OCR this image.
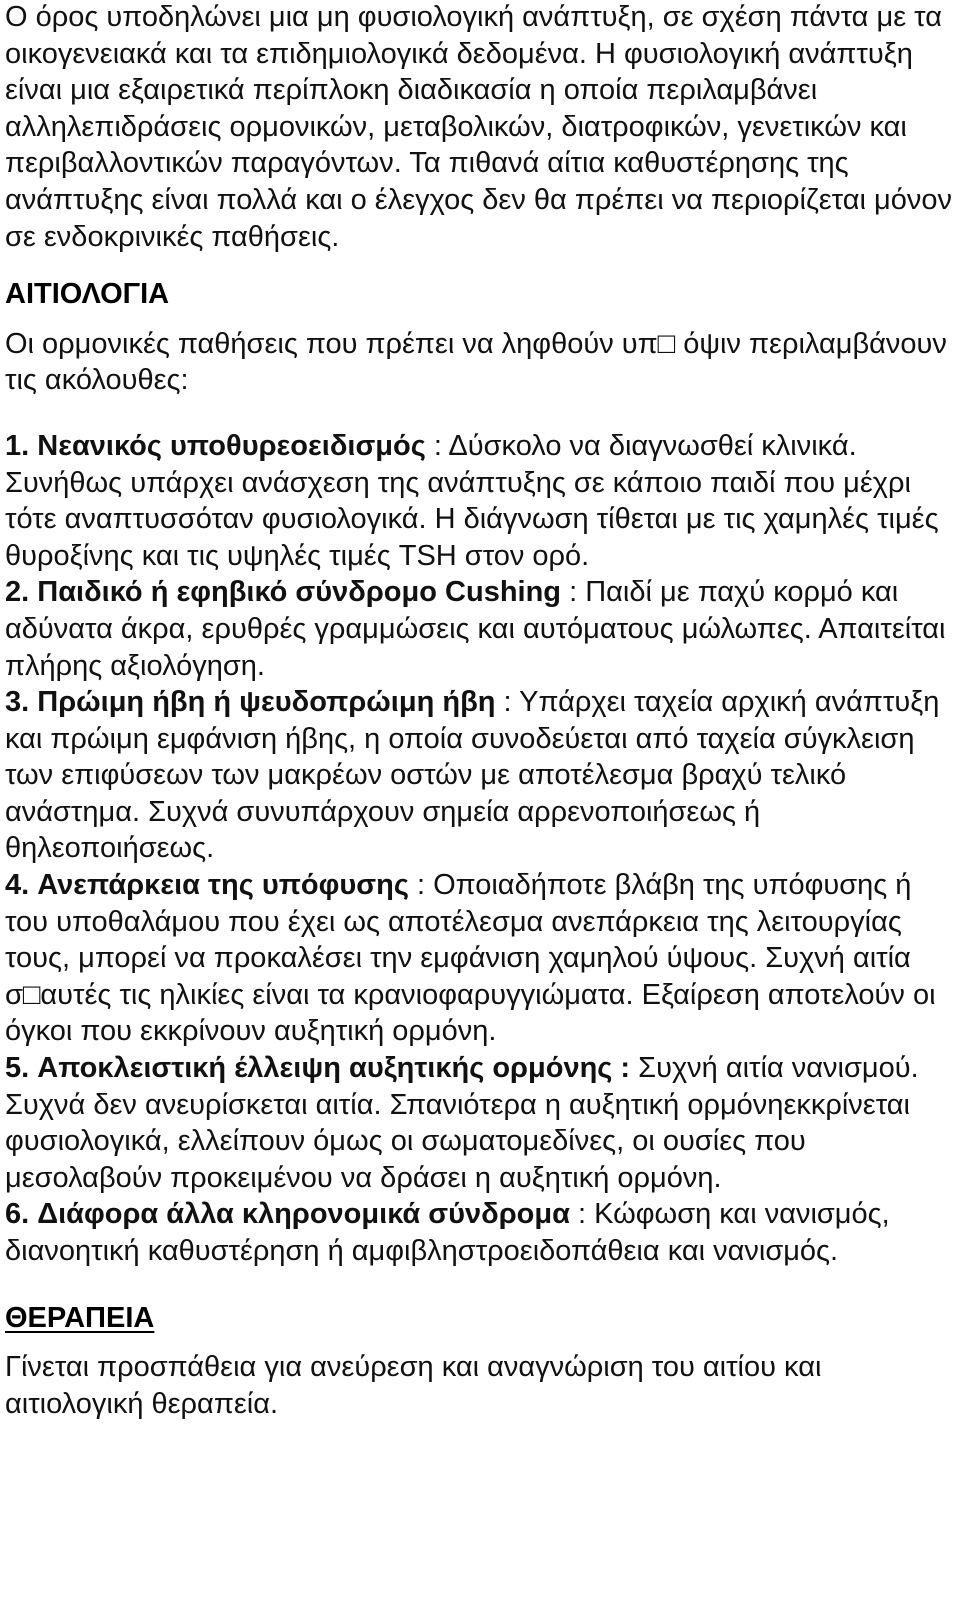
Ο όρος υποδηλώνει μια μη φυσιολογική ανάπτυξη, σε σχέση πάντα με τα οικογενειακά και τα επιδημιολογικά δεδομένα. Η φυσιολογική ανάπτυξη είναι μια εξαιρετικά περίπλοκη διαδικασία η οποία περιλαμβάνει αλληλεπιδράσεις ορμονικών, μεταβολικών, διατροφικών, γενετικών και περιβαλλοντικών παραγόντων. Τα πιθανά αίτια καθυστέρησης της ανάπτυξης είναι πολλά και ο έλεγχος δεν θα πρέπει να περιορίζεται μόνον σε ενδοκρινικές παθήσεις.

ΑΙΤΙΟΛΟΓΙΑ

Οι ορμονικές παθήσεις που πρέπει να ληφθούν υπ□ όψιν περιλαμβάνουν τις ακόλουθες:

1. Νεανικός υποθυρεοειδισμός : Δύσκολο να διαγνωσθεί κλινικά. Συνήθως υπάρχει ανάσχεση της ανάπτυξης σε κάποιο παιδί που μέχρι τότε αναπτυσσόταν φυσιολογικά. Η διάγνωση τίθεται με τις χαμηλές τιμές θυροξίνης και τις υψηλές τιμές TSH στον ορό.
2. Παιδικό ή εφηβικό σύνδρομο Cushing : Παιδί με παχύ κορμό και αδύνατα άκρα, ερυθρές γραμμώσεις και αυτόματους μώλωπες. Απαιτείται πλήρης αξιολόγηση.
3. Πρώιμη ήβη ή ψευδοπρώιμη ήβη : Υπάρχει ταχεία αρχική ανάπτυξη και πρώιμη εμφάνιση ήβης, η οποία συνοδεύεται από ταχεία σύγκλειση των επιφύσεων των μακρέων οστών με αποτέλεσμα βραχύ τελικό ανάστημα. Συχνά συνυπάρχουν σημεία αρρενοποιήσεως ή θηλεοποιήσεως.
4. Ανεπάρκεια της υπόφυσης : Οποιαδήποτε βλάβη της υπόφυσης ή του υποθαλάμου που έχει ως αποτέλεσμα ανεπάρκεια της λειτουργίας τους, μπορεί να προκαλέσει την εμφάνιση χαμηλού ύψους. Συχνή αιτία σ□αυτές τις ηλικίες είναι τα κρανιοφαρυγγιώματα. Εξαίρεση αποτελούν οι όγκοι που εκκρίνουν αυξητική ορμόνη.
5. Αποκλειστική έλλειψη αυξητικής ορμόνης : Συχνή αιτία νανισμού. Συχνά δεν ανευρίσκεται αιτία. Σπανιότερα η αυξητική ορμόνηεκκρίνεται φυσιολογικά, ελλείπουν όμως οι σωματομεδίνες, οι ουσίες που μεσολαβούν προκειμένου να δράσει η αυξητική ορμόνη.
6. Διάφορα άλλα κληρονομικά σύνδρομα : Κώφωση και νανισμός, διανοητική καθυστέρηση ή αμφιβληστροειδοπάθεια και νανισμός.

ΘΕΡΑΠΕΙΑ

Γίνεται προσπάθεια για ανεύρεση και αναγνώριση του αιτίου και αιτιολογική θεραπεία.
